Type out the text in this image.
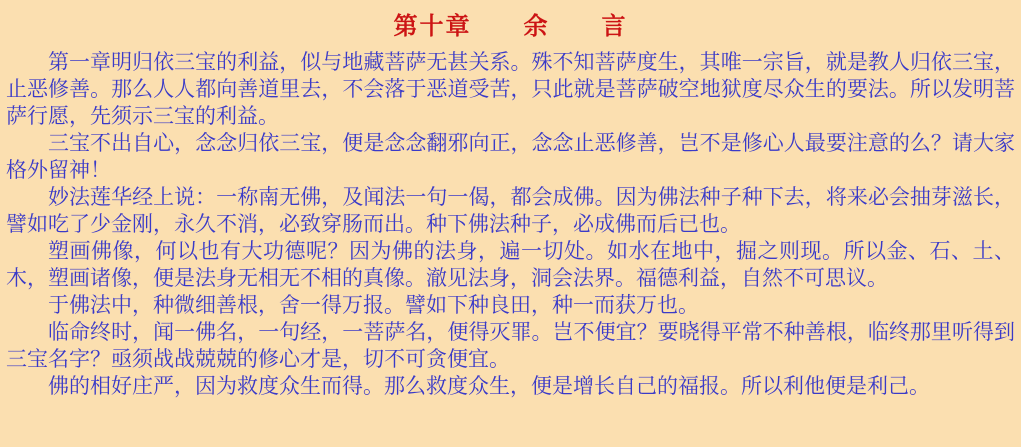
第十章　　余　　言

第一章明归依三宝的利益，似与地藏菩萨无甚关系。殊不知菩萨度生，其唯一宗旨，就是教人归依三宝，止恶修善。那么人人都向善道里去，不会落于恶道受苦，只此就是菩萨破空地狱度尽众生的要法。所以发明菩萨行愿，先须示三宝的利益。

三宝不出自心，念念归依三宝，便是念念翻邪向正，念念止恶修善，岂不是修心人最要注意的么？请大家格外留神！

妙法莲华经上说：一称南无佛，及闻法一句一偈，都会成佛。因为佛法种子种下去，将来必会抽芽滋长，譬如吃了少金刚，永久不消，必致穿肠而出。种下佛法种子，必成佛而后已也。

塑画佛像，何以也有大功德呢？因为佛的法身，遍一切处。如水在地中，掘之则现。所以金、石、土、木，塑画诸像，便是法身无相无不相的真像。澈见法身，洞会法界。福德利益，自然不可思议。

于佛法中，种微细善根，舍一得万报。譬如下种良田，种一而获万也。

临命终时，闻一佛名，一句经，一菩萨名，便得灭罪。岂不便宜？要晓得平常不种善根，临终那里听得到三宝名字？亟须战战兢兢的修心才是，切不可贪便宜。

佛的相好庄严，因为救度众生而得。那么救度众生，便是增长自己的福报。所以利他便是利己。
